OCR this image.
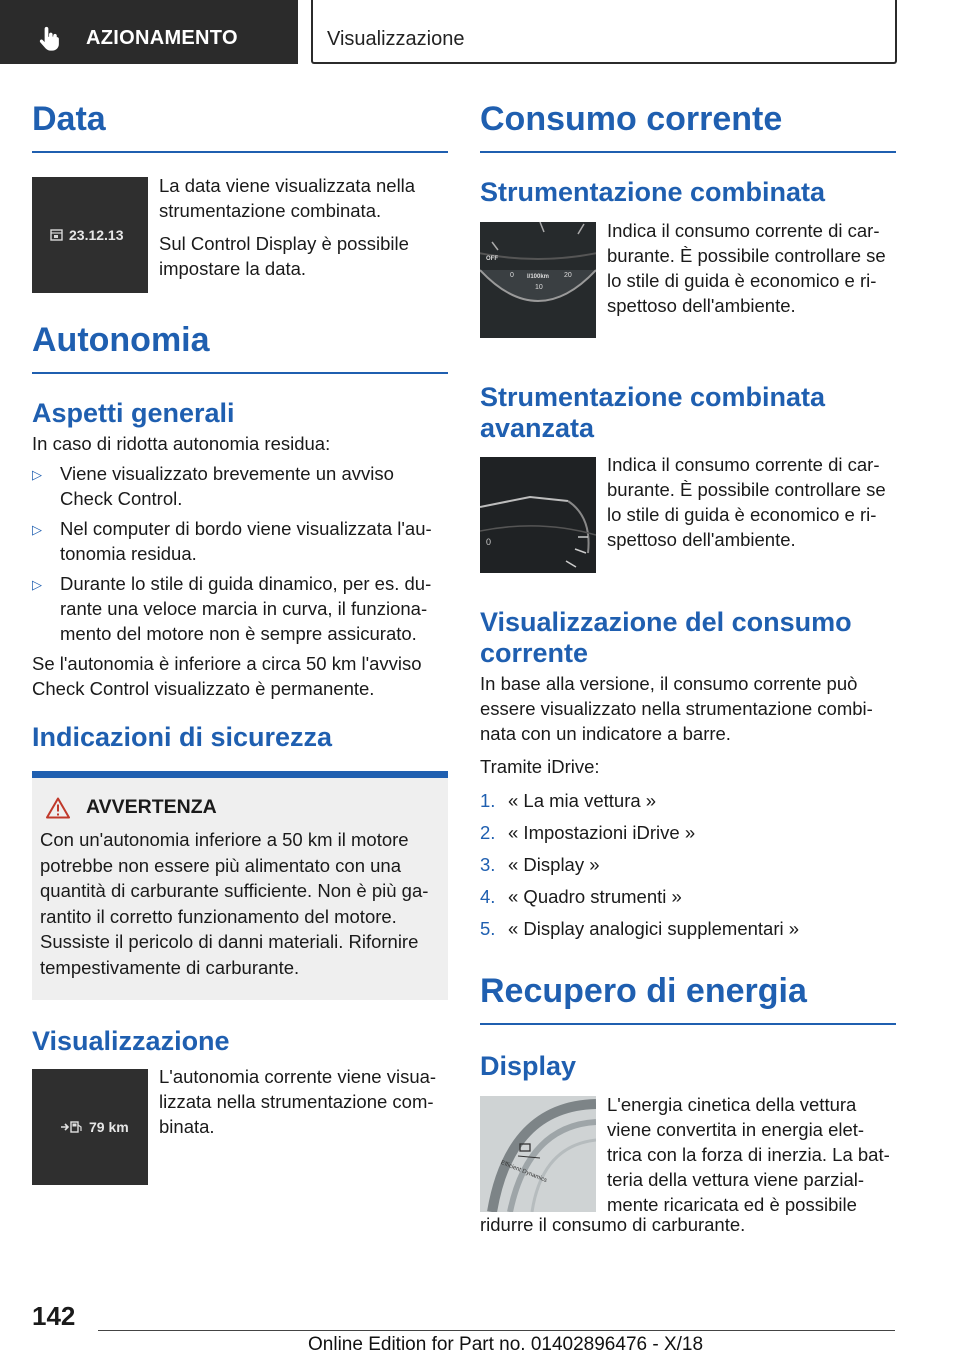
AZIONAMENTO	Visualizzazione
Data
23.12.13

La data viene visualizzata nella strumentazione combinata.

Sul Control Display è possibile impostare la data.

Autonomia
Aspetti generali

In caso di ridotta autonomia residua:

▷ Viene visualizzato brevemente un avviso Check Control.
▷ Nel computer di bordo viene visualizzata l'au-tonomia residua.
▷ Durante lo stile di guida dinamico, per es. du-rante una veloce marcia in curva, il funziona-mento del motore non è sempre assicurato.

Se l'autonomia è inferiore a circa 50 km l'avviso Check Control visualizzato è permanente.

Indicazioni di sicurezza
AVVERTENZA

Con un'autonomia inferiore a 50 km il motore potrebbe non essere più alimentato con una quantità di carburante sufficiente. Non è più ga-rantito il corretto funzionamento del motore. Sussiste il pericolo di danni materiali. Rifornire tempestivamente di carburante.

Visualizzazione
79 km

L'autonomia corrente viene visua-lizzata nella strumentazione com-binata.

Consumo corrente
Strumentazione combinata
OFF
0 l/100km 20
10

Indica il consumo corrente di car-burante. È possibile controllare se lo stile di guida è economico e ri-spettoso dell'ambiente.

Strumentazione combinata avanzata
0

Indica il consumo corrente di car-burante. È possibile controllare se lo stile di guida è economico e ri-spettoso dell'ambiente.

Visualizzazione del consumo corrente

In base alla versione, il consumo corrente può essere visualizzato nella strumentazione combi-nata con un indicatore a barre.

Tramite iDrive:

1. « La mia vettura »
2. « Impostazioni iDrive »
3. « Display »
4. « Quadro strumenti »
5. « Display analogici supplementari »
Recupero di energia
Display
Efficient Dynamics

L'energia cinetica della vettura viene convertita in energia elet-trica con la forza di inerzia. La bat-teria della vettura viene parzial-mente ricaricata ed è possibile

ridurre il consumo di carburante.

142
Online Edition for Part no. 01402896476 - X/18
